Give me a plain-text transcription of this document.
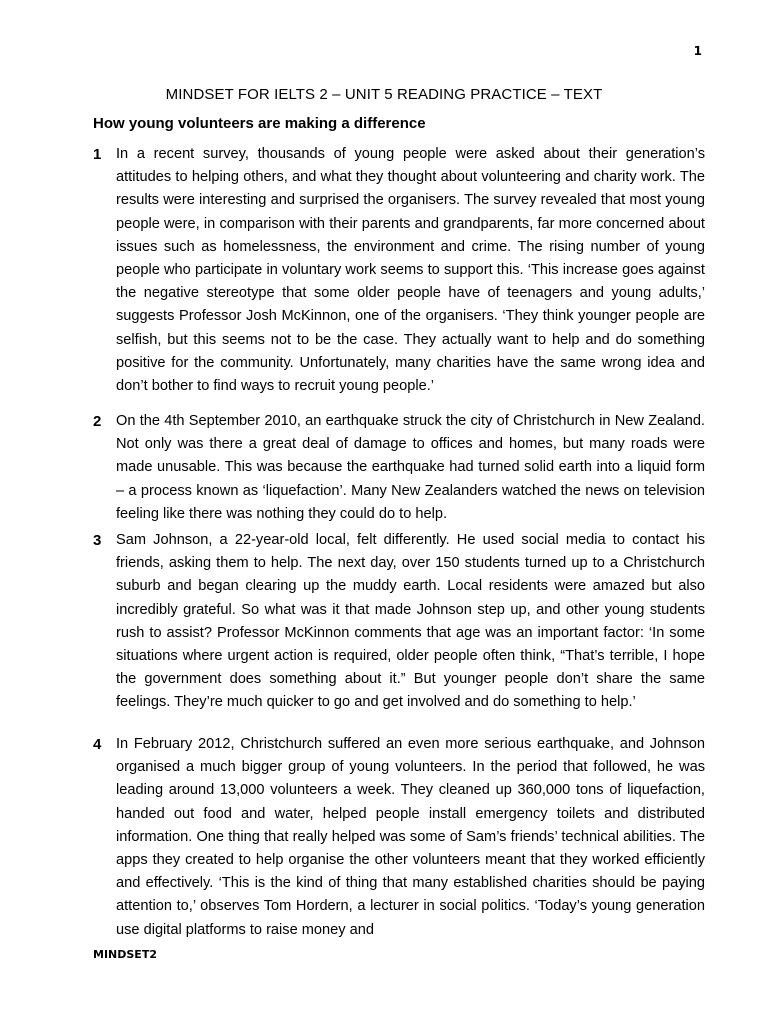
1
MINDSET FOR IELTS 2 – UNIT 5 READING PRACTICE – TEXT
How young volunteers are making a difference
1 In a recent survey, thousands of young people were asked about their generation’s attitudes to helping others, and what they thought about volunteering and charity work. The results were interesting and surprised the organisers. The survey revealed that most young people were, in comparison with their parents and grandparents, far more concerned about issues such as homelessness, the environment and crime. The rising number of young people who participate in voluntary work seems to support this. ‘This increase goes against the negative stereotype that some older people have of teenagers and young adults,’ suggests Professor Josh McKinnon, one of the organisers. ‘They think younger people are selfish, but this seems not to be the case. They actually want to help and do something positive for the community. Unfortunately, many charities have the same wrong idea and don’t bother to find ways to recruit young people.’

2 On the 4th September 2010, an earthquake struck the city of Christchurch in New Zealand. Not only was there a great deal of damage to offices and homes, but many roads were made unusable. This was because the earthquake had turned solid earth into a liquid form – a process known as ‘liquefaction’. Many New Zealanders watched the news on television feeling like there was nothing they could do to help.

3 Sam Johnson, a 22-year-old local, felt differently. He used social media to contact his friends, asking them to help. The next day, over 150 students turned up to a Christchurch suburb and began clearing up the muddy earth. Local residents were amazed but also incredibly grateful. So what was it that made Johnson step up, and other young students rush to assist? Professor McKinnon comments that age was an important factor: ‘In some situations where urgent action is required, older people often think, “That’s terrible, I hope the government does something about it.” But younger people don’t share the same feelings. They’re much quicker to go and get involved and do something to help.’

4 In February 2012, Christchurch suffered an even more serious earthquake, and Johnson organised a much bigger group of young volunteers. In the period that followed, he was leading around 13,000 volunteers a week. They cleaned up 360,000 tons of liquefaction, handed out food and water, helped people install emergency toilets and distributed information. One thing that really helped was some of Sam’s friends’ technical abilities. The apps they created to help organise the other volunteers meant that they worked efficiently and effectively. ‘This is the kind of thing that many established charities should be paying attention to,’ observes Tom Hordern, a lecturer in social politics. ‘Today’s young generation use digital platforms to raise money and

MINDSET2
